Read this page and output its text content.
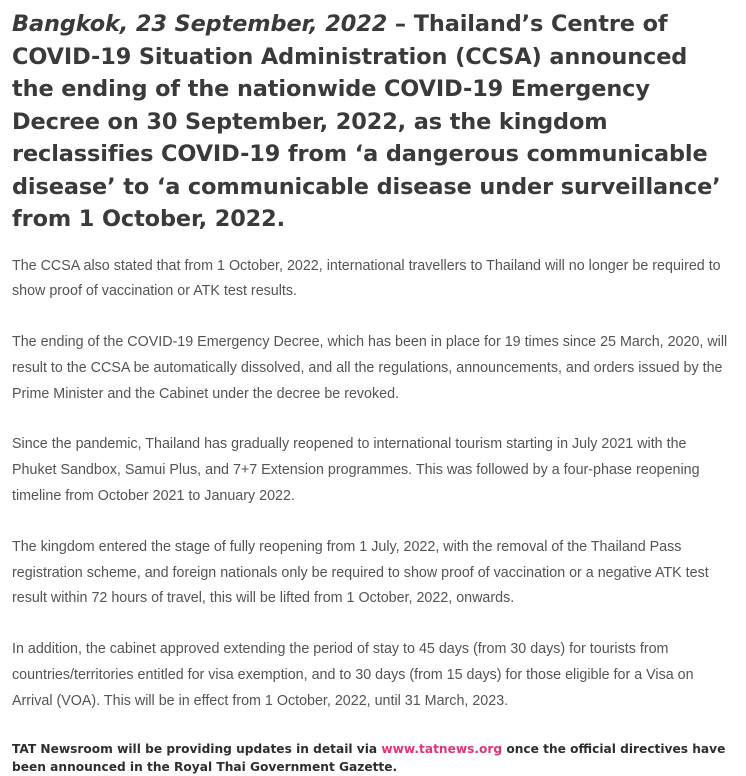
Bangkok, 23 September, 2022 – Thailand’s Centre of COVID-19 Situation Administration (CCSA) announced the ending of the nationwide COVID-19 Emergency Decree on 30 September, 2022, as the kingdom reclassifies COVID-19 from ‘a dangerous communicable disease’ to ‘a communicable disease under surveillance’ from 1 October, 2022.

The CCSA also stated that from 1 October, 2022, international travellers to Thailand will no longer be required to show proof of vaccination or ATK test results.

The ending of the COVID-19 Emergency Decree, which has been in place for 19 times since 25 March, 2020, will result to the CCSA be automatically dissolved, and all the regulations, announcements, and orders issued by the Prime Minister and the Cabinet under the decree be revoked.

Since the pandemic, Thailand has gradually reopened to international tourism starting in July 2021 with the Phuket Sandbox, Samui Plus, and 7+7 Extension programmes. This was followed by a four-phase reopening timeline from October 2021 to January 2022.

The kingdom entered the stage of fully reopening from 1 July, 2022, with the removal of the Thailand Pass registration scheme, and foreign nationals only be required to show proof of vaccination or a negative ATK test result within 72 hours of travel, this will be lifted from 1 October, 2022, onwards.

In addition, the cabinet approved extending the period of stay to 45 days (from 30 days) for tourists from countries/territories entitled for visa exemption, and to 30 days (from 15 days) for those eligible for a Visa on Arrival (VOA). This will be in effect from 1 October, 2022, until 31 March, 2023.

TAT Newsroom will be providing updates in detail via www.tatnews.org once the official directives have been announced in the Royal Thai Government Gazette.
